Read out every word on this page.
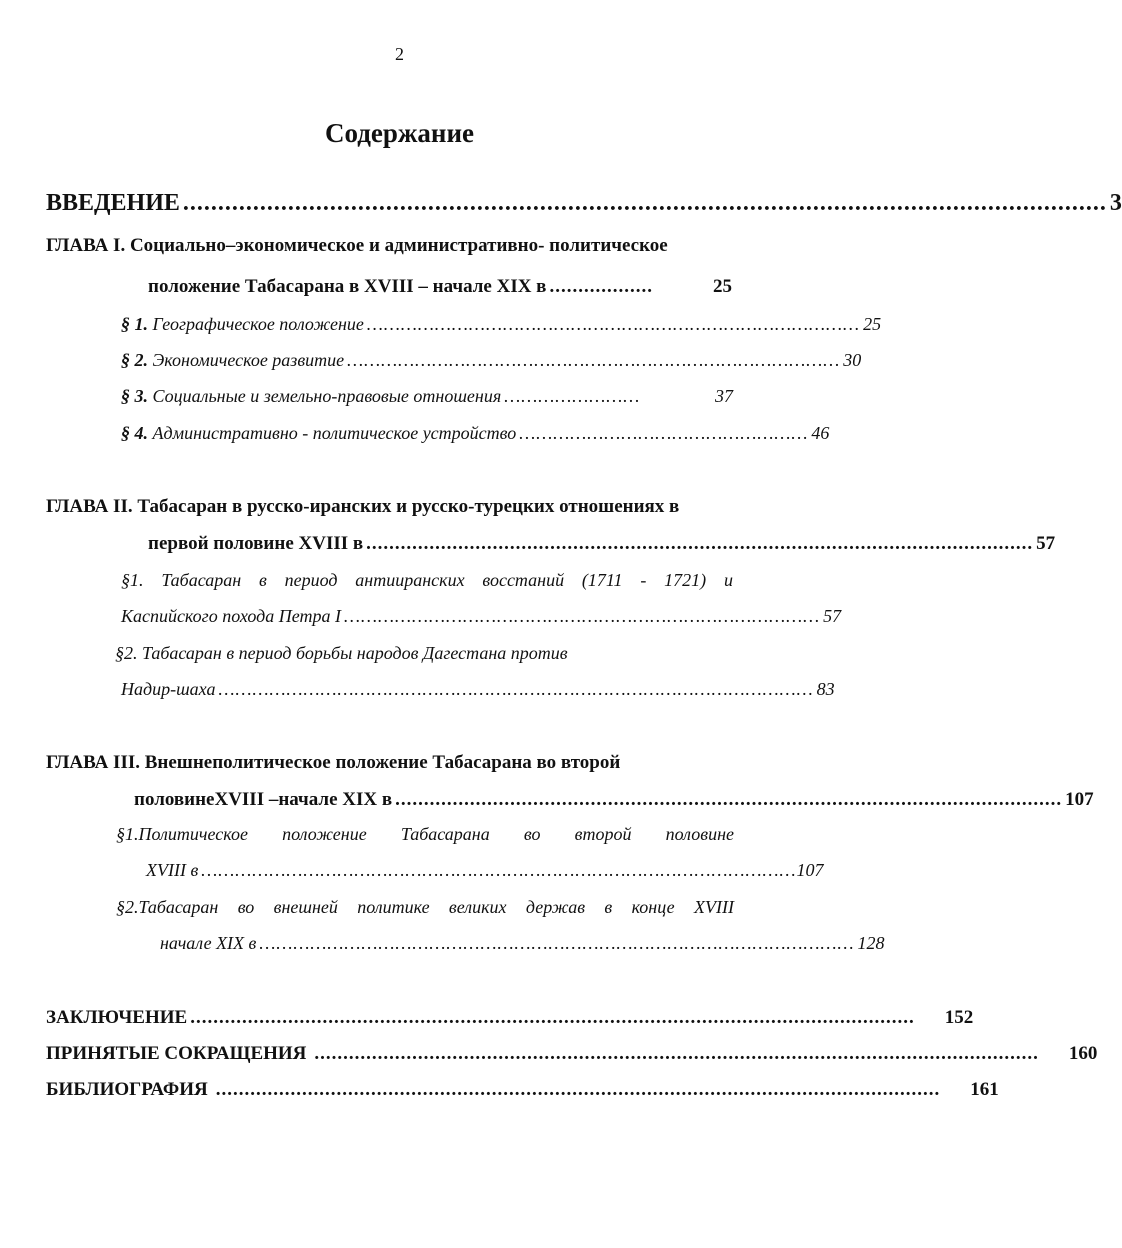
2
Содержание
ВВЕДЕНИЕ .................................................................................................................................... 3
ГЛАВА I. Социально–экономическое и административно- политическое
положение Табасарана в XVIII – начале XIX в ..................	25
§ 1. Географическое положение …………………………………………………………………………… 25
§ 2. Экономическое развитие …………………………………………………………………………… 30
§ 3. Социальные и земельно-правовые отношения ……………………	37
§ 4. Административно - политическое устройство …………………………………………… 46
ГЛАВА II. Табасаран в русско-иранских и русско-турецких отношениях в
первой половине XVIII в .................................................................................................................... 57
§1. Табасаран в период антииранских восстаний (1711 - 1721) и
Каспийского похода Петра I ………………………………………………………………………… 57
§2. Табасаран в период борьбы народов Дагестана против
Надир-шаха …………………………………………………………………………………………… 83
ГЛАВА III. Внешнеполитическое положение Табасарана во второй
половинеXVIII –начале XIX в .................................................................................................................... 107
§1.Политическое положение Табасарана во второй половине
XVIII в …………………………………………………………………………………………… 107
§2.Табасаран во внешней политике великих держав в конце XVIII
начале XIX в …………………………………………………………………………………………… 128
ЗАКЛЮЧЕНИЕ .............................................................................................................................. 152
ПРИНЯТЫЕ СОКРАЩЕНИЯ .............................................................................................................................. 160
БИБЛИОГРАФИЯ .............................................................................................................................. 161
